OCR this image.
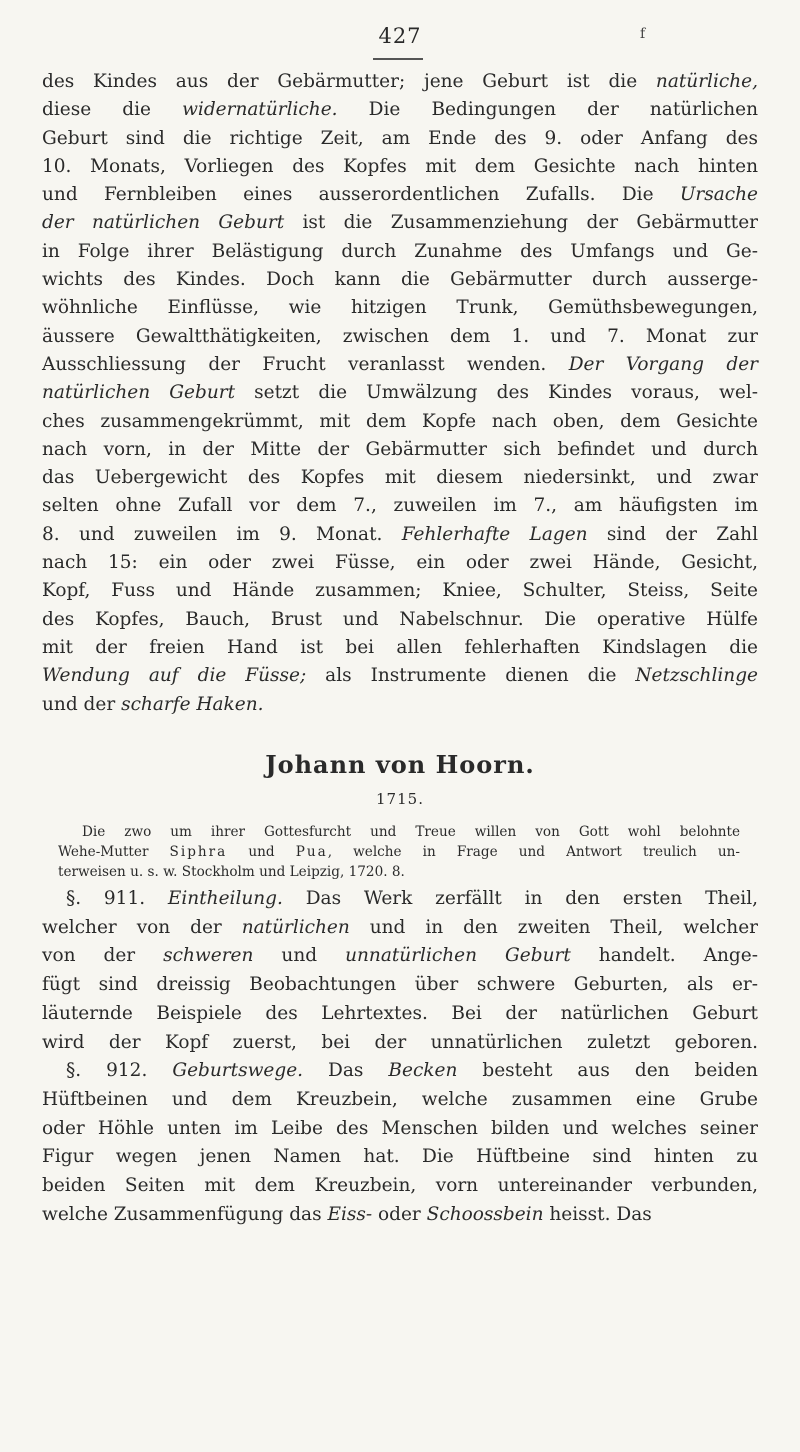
427	f
des Kindes aus der Gebärmutter; jene Geburt ist die natürliche,
diese die widernatürliche. Die Bedingungen der natürlichen
Geburt sind die richtige Zeit, am Ende des 9. oder Anfang des
10. Monats, Vorliegen des Kopfes mit dem Gesichte nach hinten
und Fernbleiben eines ausserordentlichen Zufalls. Die Ursache
der natürlichen Geburt ist die Zusammenziehung der Gebärmutter
in Folge ihrer Belästigung durch Zunahme des Umfangs und Ge-
wichts des Kindes. Doch kann die Gebärmutter durch ausserge-
wöhnliche Einflüsse, wie hitzigen Trunk, Gemüthsbewegungen,
äussere Gewaltthätigkeiten, zwischen dem 1. und 7. Monat zur
Ausschliessung der Frucht veranlasst wenden. Der Vorgang der
natürlichen Geburt setzt die Umwälzung des Kindes voraus, wel-
ches zusammengekrümmt, mit dem Kopfe nach oben, dem Gesichte
nach vorn, in der Mitte der Gebärmutter sich befindet und durch
das Uebergewicht des Kopfes mit diesem niedersinkt, und zwar
selten ohne Zufall vor dem 7., zuweilen im 7., am häufigsten im
8. und zuweilen im 9. Monat. Fehlerhafte Lagen sind der Zahl
nach 15: ein oder zwei Füsse, ein oder zwei Hände, Gesicht,
Kopf, Fuss und Hände zusammen; Kniee, Schulter, Steiss, Seite
des Kopfes, Bauch, Brust und Nabelschnur. Die operative Hülfe
mit der freien Hand ist bei allen fehlerhaften Kindslagen die
Wendung auf die Füsse; als Instrumente dienen die Netzschlinge
und der scharfe Haken.
Johann von Hoorn.
1715.
Die zwo um ihrer Gottesfurcht und Treue willen von Gott wohl belohnte
Wehe-Mutter Siphra und Pua, welche in Frage und Antwort treulich un-
terweisen u. s. w. Stockholm und Leipzig, 1720. 8.
§. 911. Eintheilung. Das Werk zerfällt in den ersten Theil,
welcher von der natürlichen und in den zweiten Theil, welcher
von der schweren und unnatürlichen Geburt handelt. Ange-
fügt sind dreissig Beobachtungen über schwere Geburten, als er-
läuternde Beispiele des Lehrtextes. Bei der natürlichen Geburt
wird der Kopf zuerst, bei der unnatürlichen zuletzt geboren.
§. 912. Geburtswege. Das Becken besteht aus den beiden
Hüftbeinen und dem Kreuzbein, welche zusammen eine Grube
oder Höhle unten im Leibe des Menschen bilden und welches seiner
Figur wegen jenen Namen hat. Die Hüftbeine sind hinten zu
beiden Seiten mit dem Kreuzbein, vorn untereinander verbunden,
welche Zusammenfügung das Eiss- oder Schoossbein heisst. Das
